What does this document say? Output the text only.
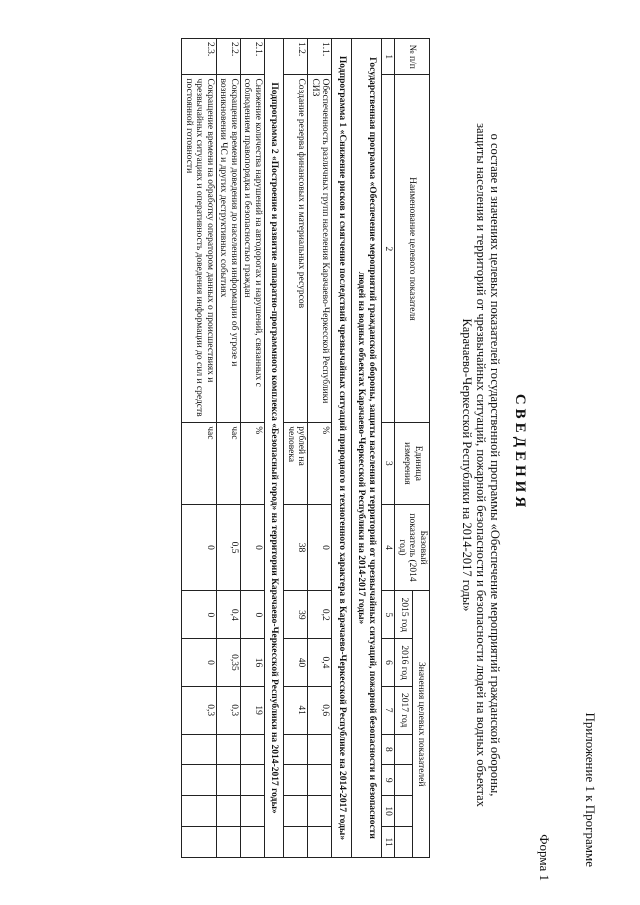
Приложение 1 к Программе
Форма 1
СВЕДЕНИЯ
о составе и значениях целевых показателей государственной программы «Обеспечение мероприятий гражданской обороны, защиты населения и территорий от чрезвычайных ситуаций, пожарной безопасности и безопасности людей на водных объектах Карачаево-Черкесской Республики на 2014-2017 годы»
№ п/п	Наименование целевого показателя	Единица измерения	Базовый показатель (2014 год)	Значения целевых показателей						
				2015 год	2016 год	2017 год				
1	2	3	4	5	6	7	8	9	10	11
Государственная программа «Обеспечение мероприятий гражданской обороны, защиты населения и территорий от чрезвычайных ситуаций, пожарной безопасности и безопасности людей на водных объектах Карачаево-Черкесской Республики на 2014-2017 годы»										
Подпрограмма 1 «Снижение рисков и смягчение последствий чрезвычайных ситуаций природного и техногенного характера в Карачаево-Черкесской Республике на 2014-2017 годы»										
1.1.	Обеспеченность различных групп населения Карачаево-Черкесской Республики СИЗ	%	0	0,2	0,4	0,6				
1.2.	Создание резерва финансовых и материальных ресурсов	рублей на человека	38	39	40	41				
Подпрограмма 2 «Построение и развитие аппаратно-программного комплекса «Безопасный город» на территории Карачаево-Черкесской Республики на 2014-2017 годы»										
2.1.	Снижение количества нарушений на автодорогах и нарушений, связанных с соблюдением правопорядка и безопасностью граждан	%	0	0	16	19				
2.2.	Сокращение времени доведения до населения информации об угрозе и возникновении ЧС и других деструктивных событиях	час	0,5	0,4	0,35	0,3				
2.3.	Сокращение времени на обработку оператором данных о происшествиях и чрезвычайных ситуациях и оперативность доведения информации до сил и средств постоянной готовности	час	0	0	0	0,3				
